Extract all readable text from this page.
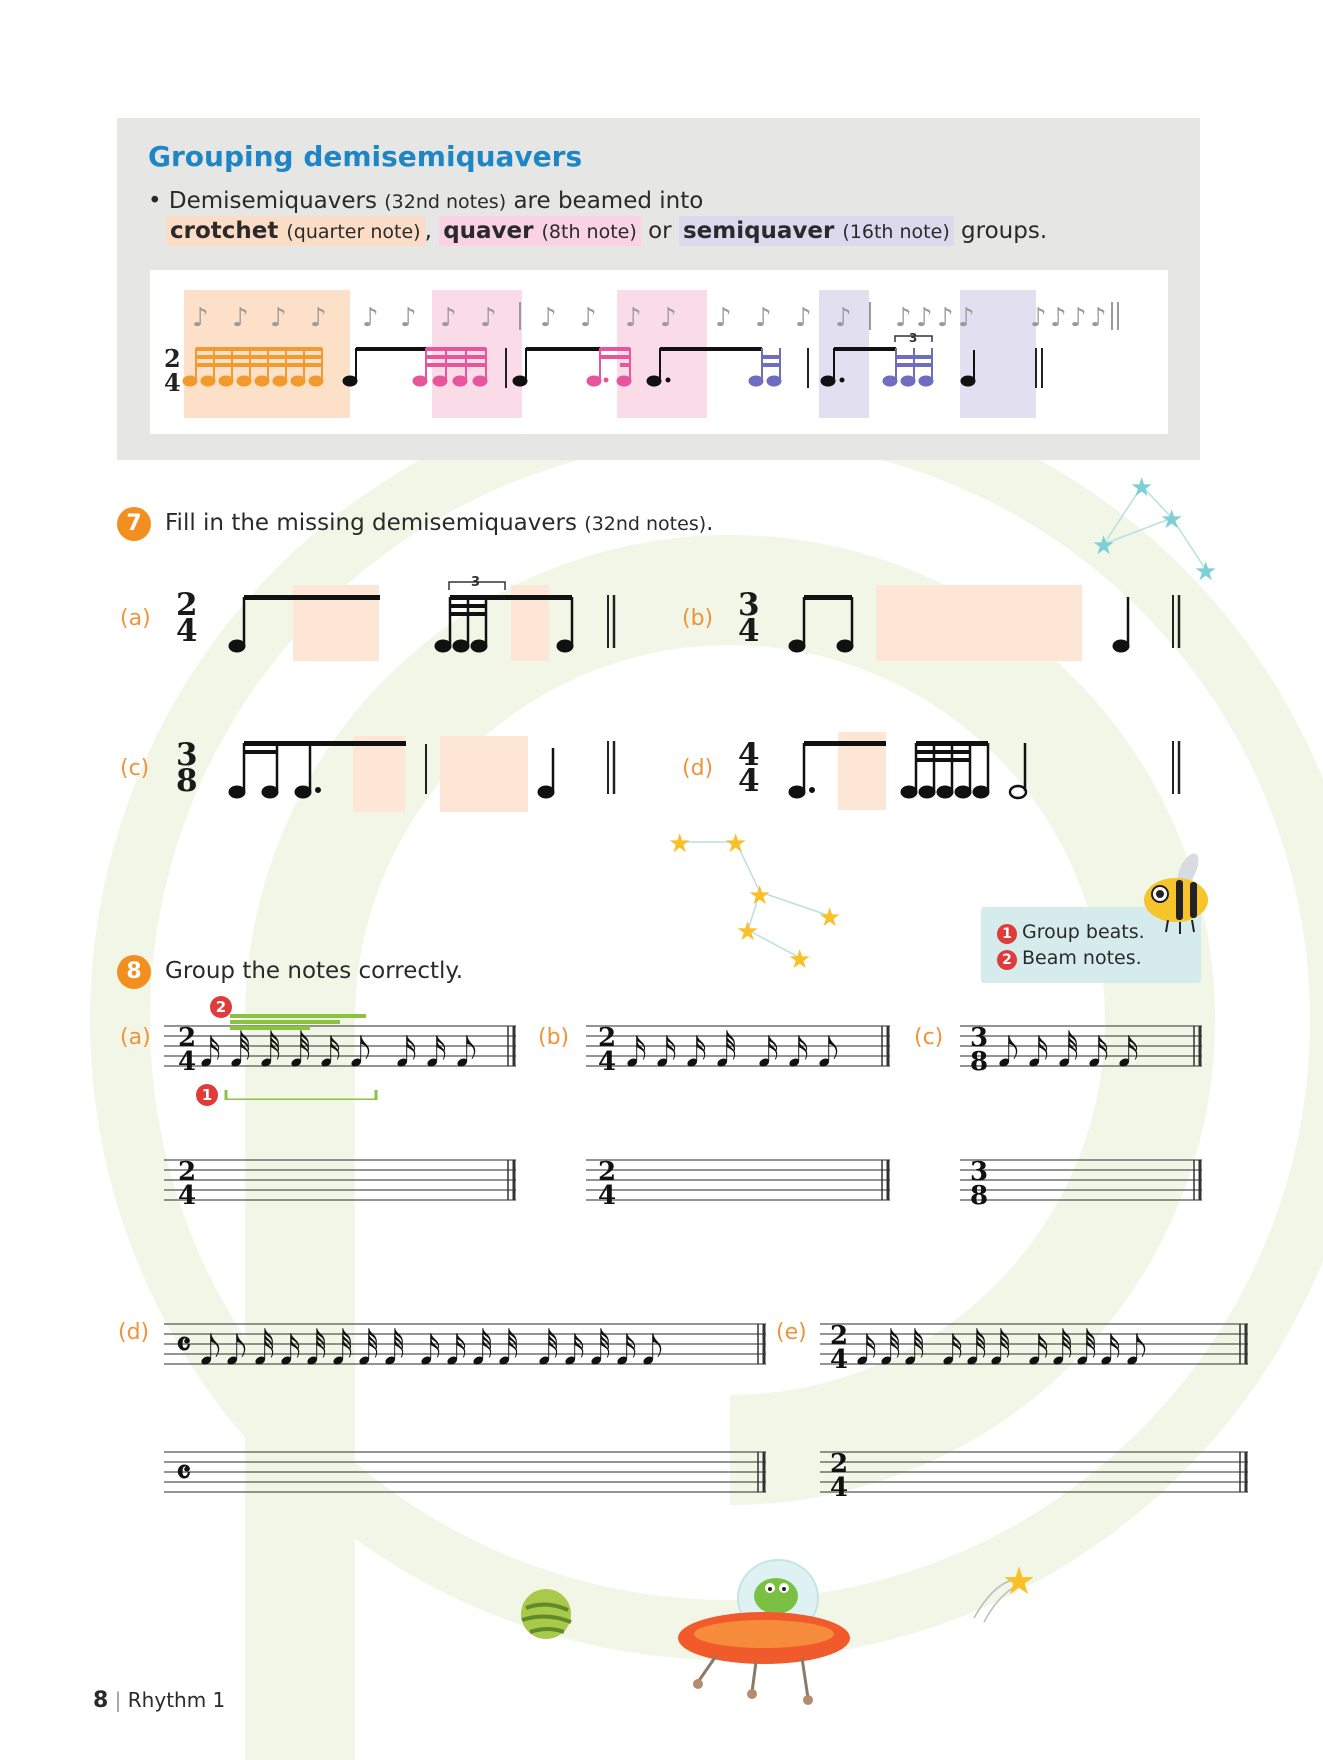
Grouping demisemiquavers
• Demisemiquavers (32nd notes) are beamed into
crotchet (quarter note) , quaver (8th note) or semiquaver (16th note) groups.
2
4
♪ ♪ ♪ ♪ ♪ ♪ ♪ ♪ ♪ ♪ ♪ ♪ ♪ ♪ ♪ ♪ ♪ ♪ ♪ ♪ ♪ ♪ ♪ ♪
3
★
★
★
★
★ ★
★
★
★
★
7	Fill in the missing demisemiquavers (32nd notes).
(a) 2
4
3
(b) 3
4
(c) 3
8	(d) 4
4
1 Group beats.
2 Beam notes.
8	Group the notes correctly.
(a)
2
1
2
4 𝅘𝅥𝅯 𝅘𝅥𝅰 𝅘𝅥𝅰 𝅘𝅥𝅰 𝅘𝅥𝅯 𝅘𝅥𝅮 𝅘𝅥𝅯 𝅘𝅥𝅯 𝅘𝅥𝅮
2
4
(b) 2
4 𝅘𝅥𝅯 𝅘𝅥𝅯 𝅘𝅥𝅯 𝅘𝅥𝅰 𝅘𝅥𝅯 𝅘𝅥𝅯 𝅘𝅥𝅮
2
4
(c) 3
8 𝅘𝅥𝅮 𝅘𝅥𝅯 𝅘𝅥𝅰 𝅘𝅥𝅯 𝅘𝅥𝅯
3
8
(d) 𝄴 𝅘𝅥𝅮 𝅘𝅥𝅮 𝅘𝅥𝅰 𝅘𝅥𝅯 𝅘𝅥𝅰 𝅘𝅥𝅰 𝅘𝅥𝅰 𝅘𝅥𝅰 𝅘𝅥𝅯 𝅘𝅥𝅯 𝅘𝅥𝅰 𝅘𝅥𝅰 𝅘𝅥𝅰 𝅘𝅥𝅯 𝅘𝅥𝅰 𝅘𝅥𝅯 𝅘𝅥𝅮
𝄴
(e) 2
4 𝅘𝅥𝅯 𝅘𝅥𝅰 𝅘𝅥𝅰 𝅘𝅥𝅯 𝅘𝅥𝅰 𝅘𝅥𝅰 𝅘𝅥𝅯 𝅘𝅥𝅰 𝅘𝅥𝅰 𝅘𝅥𝅯 𝅘𝅥𝅮
2
4
★
8 | Rhythm 1
